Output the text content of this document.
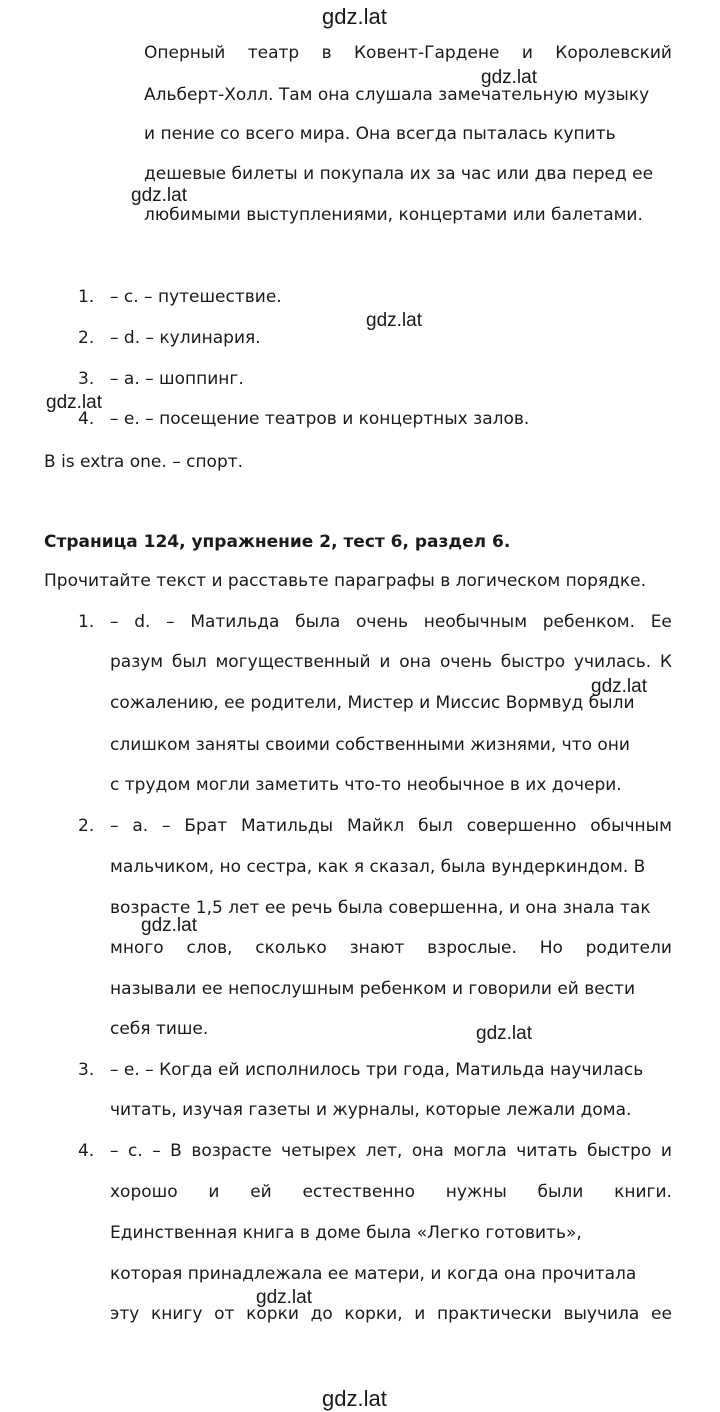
gdz.lat
gdz.lat
gdz.lat
gdz.lat
gdz.lat
gdz.lat
gdz.lat
gdz.lat
gdz.lat
gdz.lat
Оперный театр в Ковент-Гардене и Королевский
Альберт-Холл. Там она слушала замечательную музыку
и пение со всего мира. Она всегда пыталась купить
дешевые билеты и покупала их за час или два перед ее
любимыми выступлениями, концертами или балетами.
1. – c. – путешествие.
2. – d. – кулинария.
3. – a. – шоппинг.
4. – e. – посещение театров и концертных залов.
B is extra one. – спорт.
Страница 124, упражнение 2, тест 6, раздел 6.
Прочитайте текст и расставьте параграфы в логическом порядке.
1. – d. – Матильда была очень необычным ребенком. Ее
разум был могущественный и она очень быстро училась. К
сожалению, ее родители, Мистер и Миссис Вормвуд были
слишком заняты своими собственными жизнями, что они
с трудом могли заметить что-то необычное в их дочери.
2. – a. – Брат Матильды Майкл был совершенно обычным
мальчиком, но сестра, как я сказал, была вундеркиндом. В
возрасте 1,5 лет ее речь была совершенна, и она знала так
много слов, сколько знают взрослые. Но родители
называли ее непослушным ребенком и говорили ей вести
себя тише.
3. – e. – Когда ей исполнилось три года, Матильда научилась
читать, изучая газеты и журналы, которые лежали дома.
4. – c. – В возрасте четырех лет, она могла читать быстро и
хорошо и ей естественно нужны были книги.
Единственная книга в доме была «Легко готовить»,
которая принадлежала ее матери, и когда она прочитала
эту книгу от корки до корки, и практически выучила ее
